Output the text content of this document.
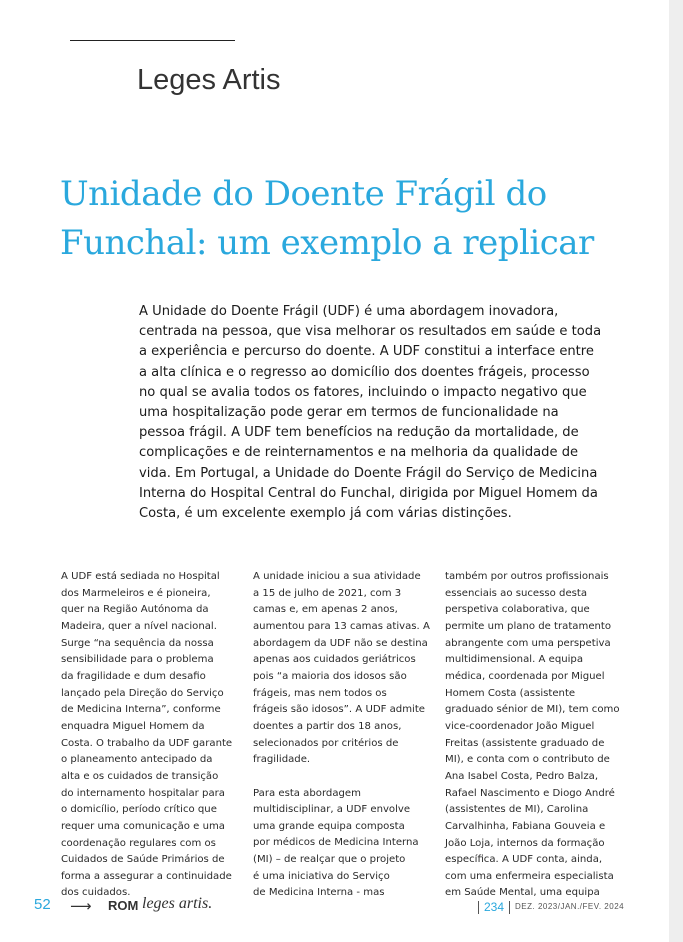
Leges Artis
Unidade do Doente Frágil do
Funchal: um exemplo a replicar
A Unidade do Doente Frágil (UDF) é uma abordagem inovadora,
centrada na pessoa, que visa melhorar os resultados em saúde e toda
a experiência e percurso do doente. A UDF constitui a interface entre
a alta clínica e o regresso ao domicílio dos doentes frágeis, processo
no qual se avalia todos os fatores, incluindo o impacto negativo que
uma hospitalização pode gerar em termos de funcionalidade na
pessoa frágil. A UDF tem benefícios na redução da mortalidade, de
complicações e de reinternamentos e na melhoria da qualidade de
vida. Em Portugal, a Unidade do Doente Frágil do Serviço de Medicina
Interna do Hospital Central do Funchal, dirigida por Miguel Homem da
Costa, é um excelente exemplo já com várias distinções.
A UDF está sediada no Hospital
dos Marmeleiros e é pioneira,
quer na Região Autónoma da
Madeira, quer a nível nacional.
Surge “na sequência da nossa
sensibilidade para o problema
da fragilidade e dum desafio
lançado pela Direção do Serviço
de Medicina Interna”, conforme
enquadra Miguel Homem da
Costa. O trabalho da UDF garante
o planeamento antecipado da
alta e os cuidados de transição
do internamento hospitalar para
o domicílio, período crítico que
requer uma comunicação e uma
coordenação regulares com os
Cuidados de Saúde Primários de
forma a assegurar a continuidade
dos cuidados.
A unidade iniciou a sua atividade
a 15 de julho de 2021, com 3
camas e, em apenas 2 anos,
aumentou para 13 camas ativas. A
abordagem da UDF não se destina
apenas aos cuidados geriátricos
pois “a maioria dos idosos são
frágeis, mas nem todos os
frágeis são idosos”. A UDF admite
doentes a partir dos 18 anos,
selecionados por critérios de
fragilidade.
Para esta abordagem
multidisciplinar, a UDF envolve
uma grande equipa composta
por médicos de Medicina Interna
(MI) – de realçar que o projeto
é uma iniciativa do Serviço
de Medicina Interna - mas
também por outros profissionais
essenciais ao sucesso desta
perspetiva colaborativa, que
permite um plano de tratamento
abrangente com uma perspetiva
multidimensional. A equipa
médica, coordenada por Miguel
Homem Costa (assistente
graduado sénior de MI), tem como
vice-coordenador João Miguel
Freitas (assistente graduado de
MI), e conta com o contributo de
Ana Isabel Costa, Pedro Balza,
Rafael Nascimento e Diogo André
(assistentes de MI), Carolina
Carvalhinha, Fabiana Gouveia e
João Loja, internos da formação
específica. A UDF conta, ainda,
com uma enfermeira especialista
em Saúde Mental, uma equipa
52 ⟶ ROM leges artis.	234 DEZ. 2023/JAN./FEV. 2024
